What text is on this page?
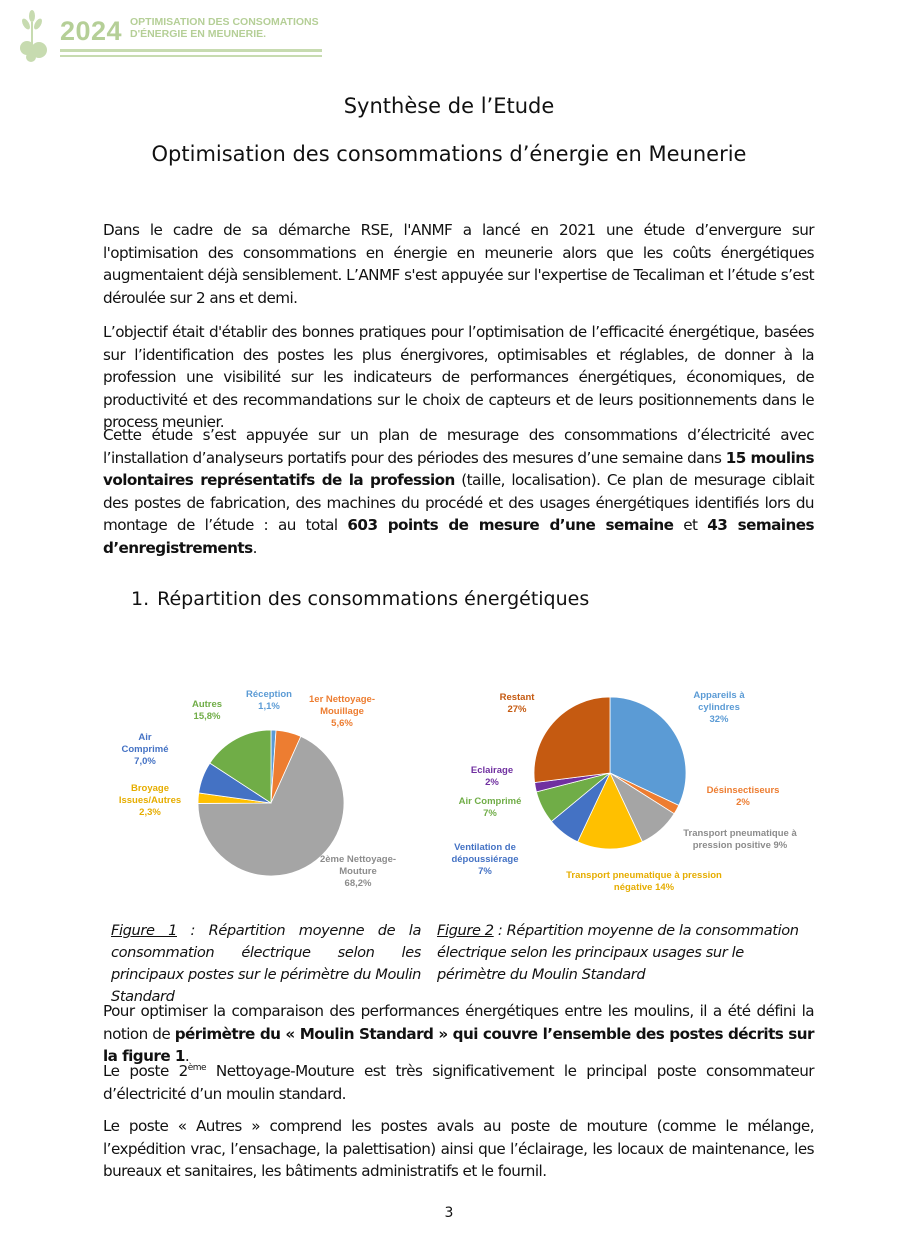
2024 OPTIMISATION DES CONSOMATIONS
D'ÉNERGIE EN MEUNERIE.
Synthèse de l’Etude
Optimisation des consommations d’énergie en Meunerie
Dans le cadre de sa démarche RSE, l'ANMF a lancé en 2021 une étude d’envergure sur l'optimisation des consommations en énergie en meunerie alors que les coûts énergétiques augmentaient déjà sensiblement. L’ANMF s'est appuyée sur l'expertise de Tecaliman et l’étude s’est déroulée sur 2 ans et demi.
L’objectif était d'établir des bonnes pratiques pour l’optimisation de l’efficacité énergétique, basées sur l’identification des postes les plus énergivores, optimisables et réglables, de donner à la profession une visibilité sur les indicateurs de performances énergétiques, économiques, de productivité et des recommandations sur le choix de capteurs et de leurs positionnements dans le process meunier.
Cette étude s’est appuyée sur un plan de mesurage des consommations d’électricité avec l’installation d’analyseurs portatifs pour des périodes des mesures d’une semaine dans 15 moulins volontaires représentatifs de la profession (taille, localisation). Ce plan de mesurage ciblait des postes de fabrication, des machines du procédé et des usages énergétiques identifiés lors du montage de l’étude : au total 603 points de mesure d’une semaine et 43 semaines d’enregistrements.
1. Répartition des consommations énergétiques
Réception 1,1%
1er Nettoyage-Mouillage 5,6%
2ème Nettoyage-Mouture 68,2%
Broyage Issues/Autres 2,3%
Air Comprimé 7,0%
Autres 15,8%
Appareils à cylindres 32%
Désinsectiseurs 2%
Transport pneumatique à pression positive 9%
Transport pneumatique à pression négative 14%
Ventilation de dépoussiérage 7%
Air Comprimé 7%
Eclairage 2%
Restant 27%
Figure 1 : Répartition moyenne de la consommation électrique selon les principaux postes sur le périmètre du Moulin Standard
Figure 2 : Répartition moyenne de la consommation électrique selon les principaux usages sur le périmètre du Moulin Standard
Pour optimiser la comparaison des performances énergétiques entre les moulins, il a été défini la notion de périmètre du « Moulin Standard » qui couvre l’ensemble des postes décrits sur la figure 1.
Le poste 2ème Nettoyage-Mouture est très significativement le principal poste consommateur d’électricité d’un moulin standard.
Le poste « Autres » comprend les postes avals au poste de mouture (comme le mélange, l’expédition vrac, l’ensachage, la palettisation) ainsi que l’éclairage, les locaux de maintenance, les bureaux et sanitaires, les bâtiments administratifs et le fournil.
3
